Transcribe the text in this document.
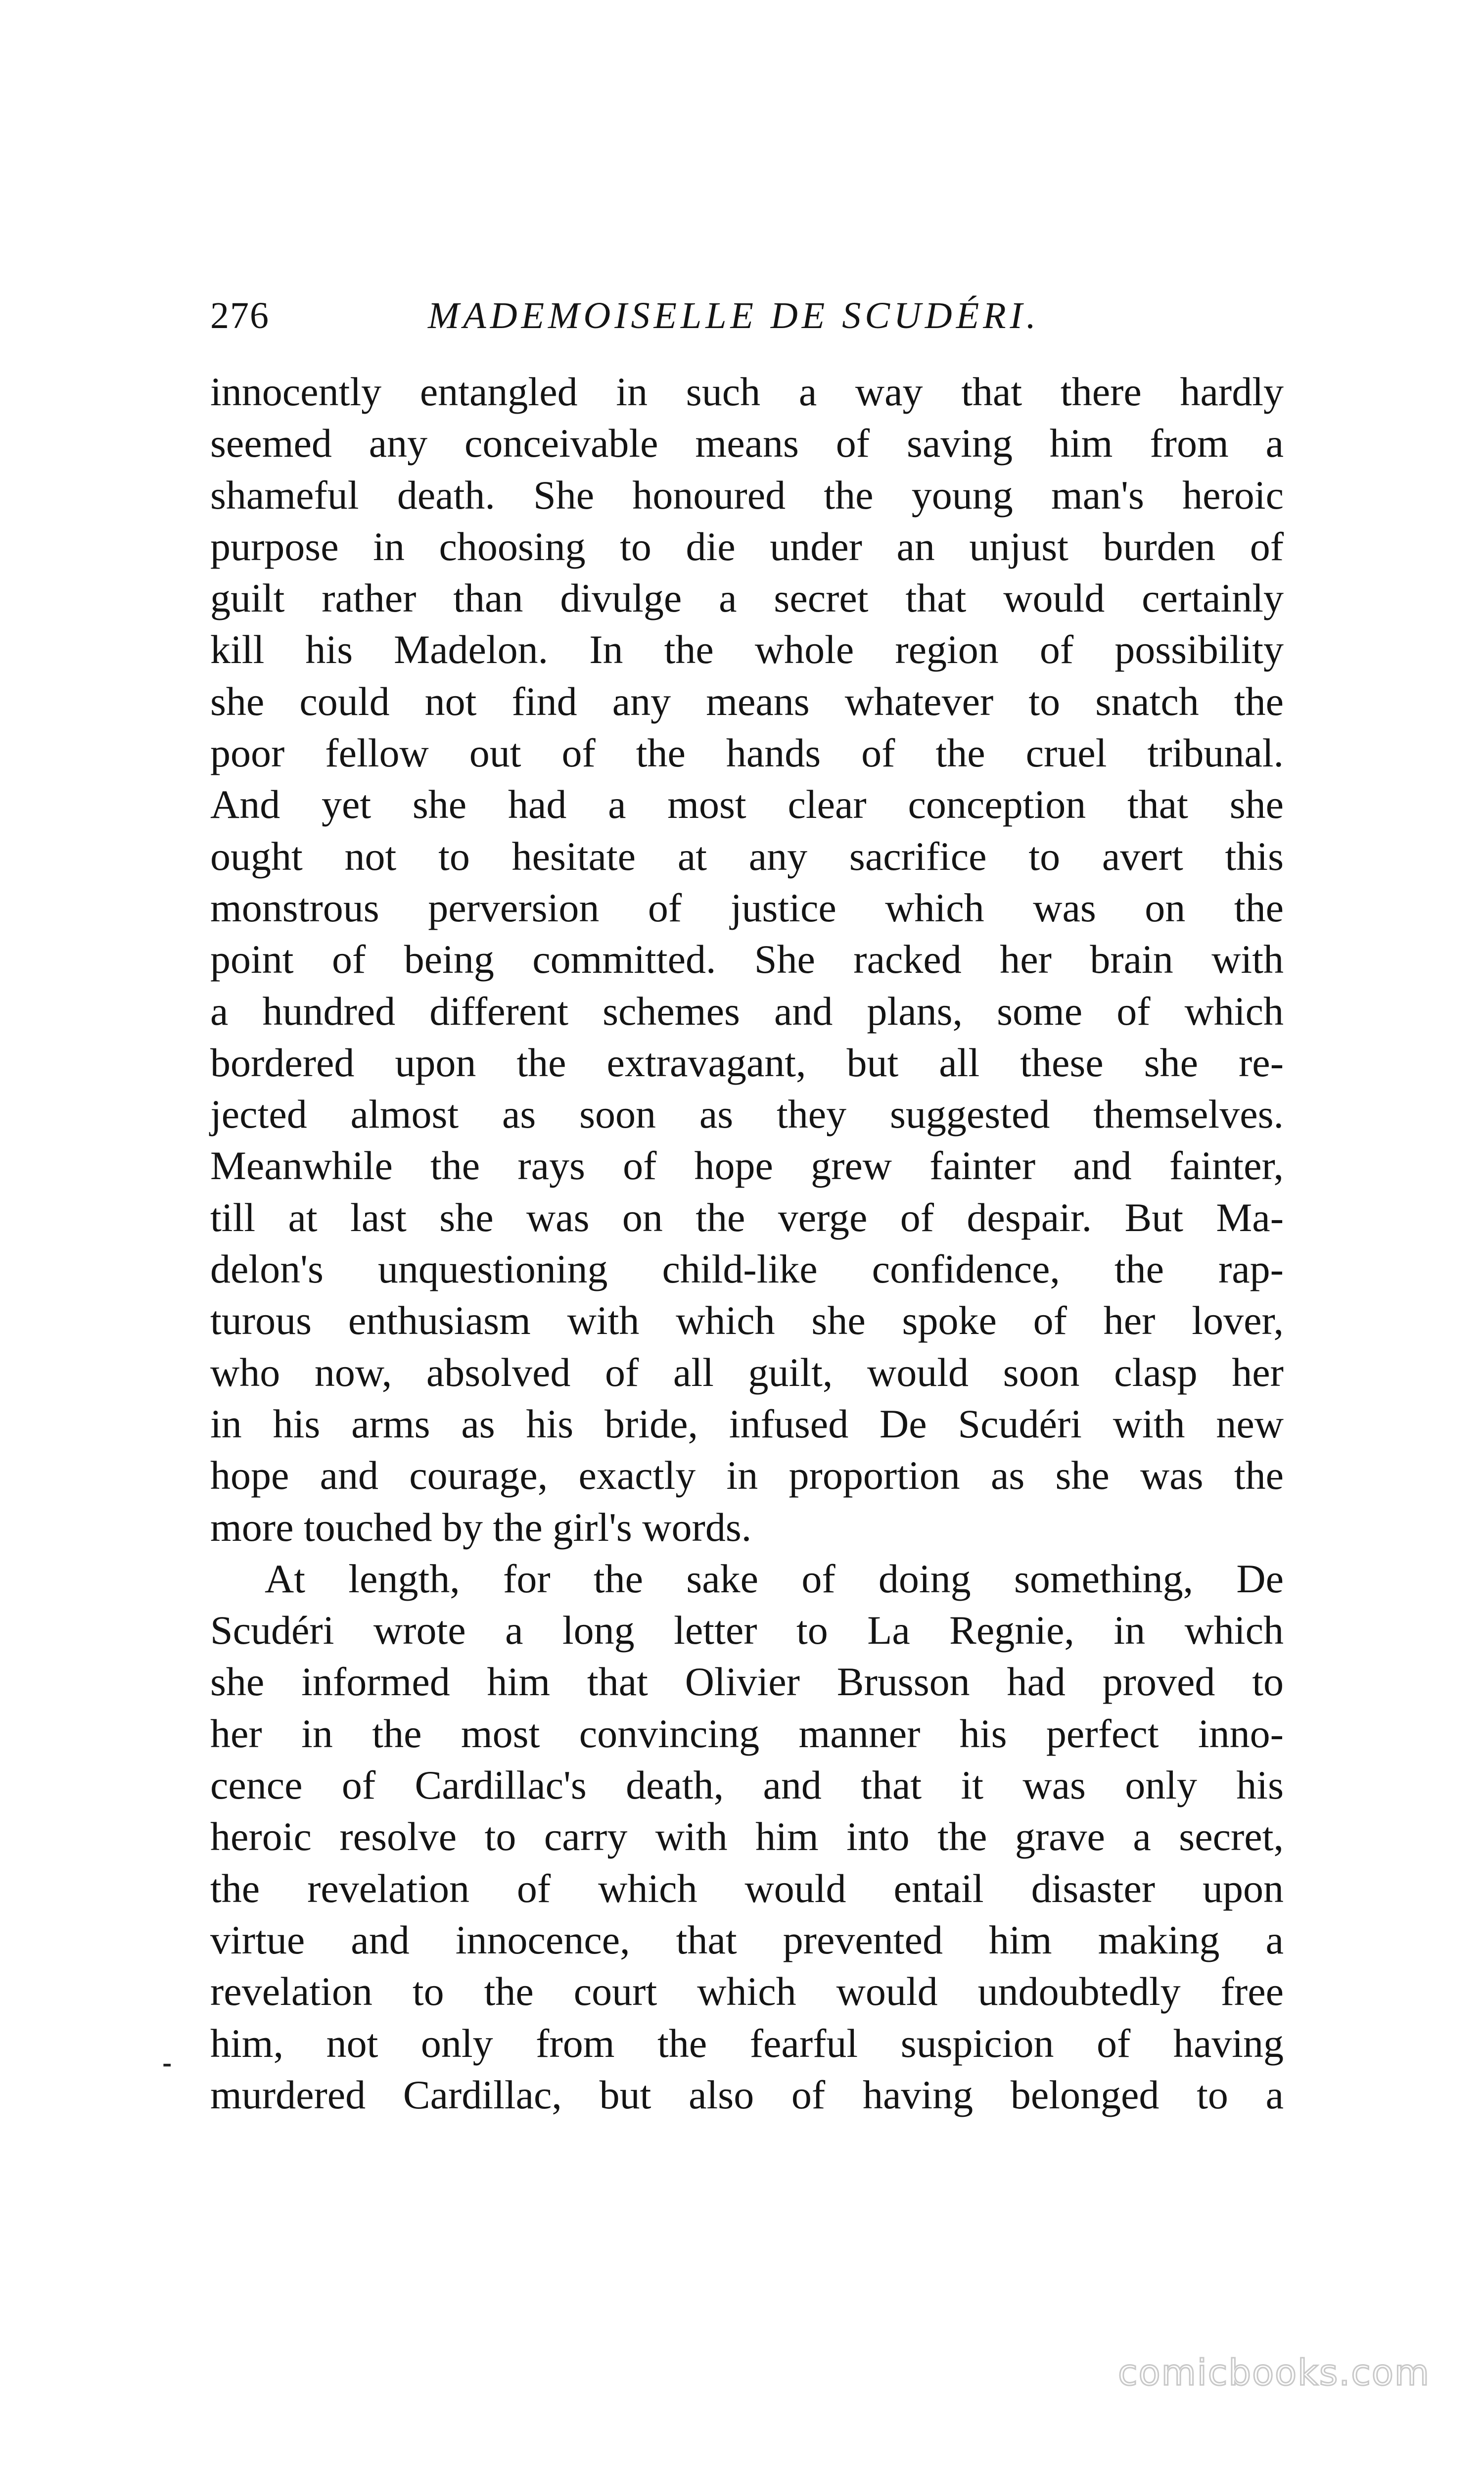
276	MADEMOISELLE DE SCUDÉRI.
innocently entangled in such a way that there hardly
seemed any conceivable means of saving him from a
shameful death. She honoured the young man's heroic
purpose in choosing to die under an unjust burden of
guilt rather than divulge a secret that would certainly
kill his Madelon. In the whole region of possibility
she could not find any means whatever to snatch the
poor fellow out of the hands of the cruel tribunal.
And yet she had a most clear conception that she
ought not to hesitate at any sacrifice to avert this
monstrous perversion of justice which was on the
point of being committed. She racked her brain with
a hundred different schemes and plans, some of which
bordered upon the extravagant, but all these she re-
jected almost as soon as they suggested themselves.
Meanwhile the rays of hope grew fainter and fainter,
till at last she was on the verge of despair. But Ma-
delon's unquestioning child-like confidence, the rap-
turous enthusiasm with which she spoke of her lover,
who now, absolved of all guilt, would soon clasp her
in his arms as his bride, infused De Scudéri with new
hope and courage, exactly in proportion as she was the
more touched by the girl's words.
At length, for the sake of doing something, De
Scudéri wrote a long letter to La Regnie, in which
she informed him that Olivier Brusson had proved to
her in the most convincing manner his perfect inno-
cence of Cardillac's death, and that it was only his
heroic resolve to carry with him into the grave a secret,
the revelation of which would entail disaster upon
virtue and innocence, that prevented him making a
revelation to the court which would undoubtedly free
him, not only from the fearful suspicion of having
murdered Cardillac, but also of having belonged to a
⁃
comicbooks.com
